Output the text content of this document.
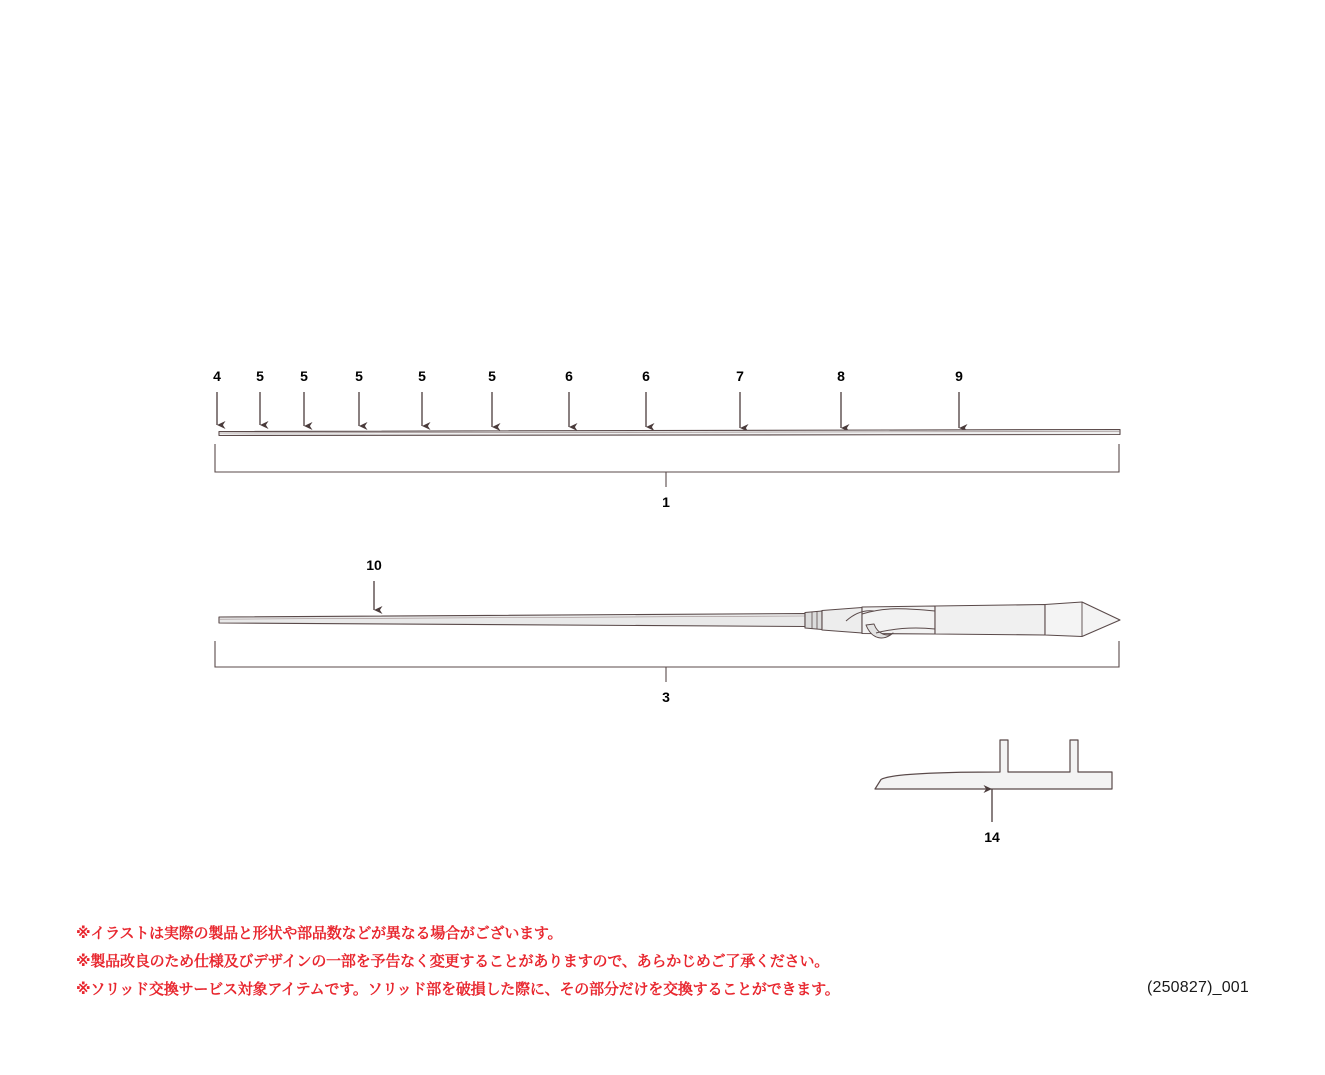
4	5	5	5	5	5	6	6	7	8	9
1
10
3
14
※イラストは実際の製品と形状や部品数などが異なる場合がございます。
※製品改良のため仕様及びデザインの一部を予告なく変更することがありますので、あらかじめご了承ください。
※ソリッド交換サービス対象アイテムです。ソリッド部を破損した際に、その部分だけを交換することができます。	(250827)_001
